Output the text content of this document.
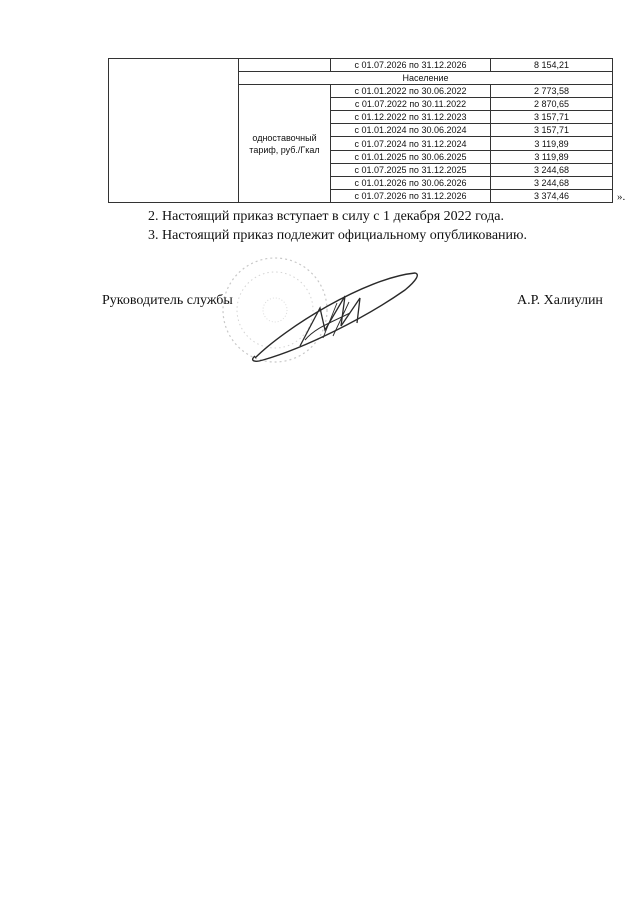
		с 01.07.2026 по 31.12.2026	8 154,21
	Население		
	одноставочный тариф, руб./Гкал	с 01.01.2022 по 30.06.2022	2 773,58
		с 01.07.2022 по 30.11.2022	2 870,65
		с 01.12.2022 по 31.12.2023	3 157,71
		с 01.01.2024 по 30.06.2024	3 157,71
		с 01.07.2024 по 31.12.2024	3 119,89
		с 01.01.2025 по 30.06.2025	3 119,89
		с 01.07.2025 по 31.12.2025	3 244,68
		с 01.01.2026 по 30.06.2026	3 244,68
		с 01.07.2026 по 31.12.2026	3 374,46	».
2. Настоящий приказ вступает в силу с 1 декабря 2022 года.
3. Настоящий приказ подлежит официальному опубликованию.
Руководитель службы	А.Р. Халиулин
